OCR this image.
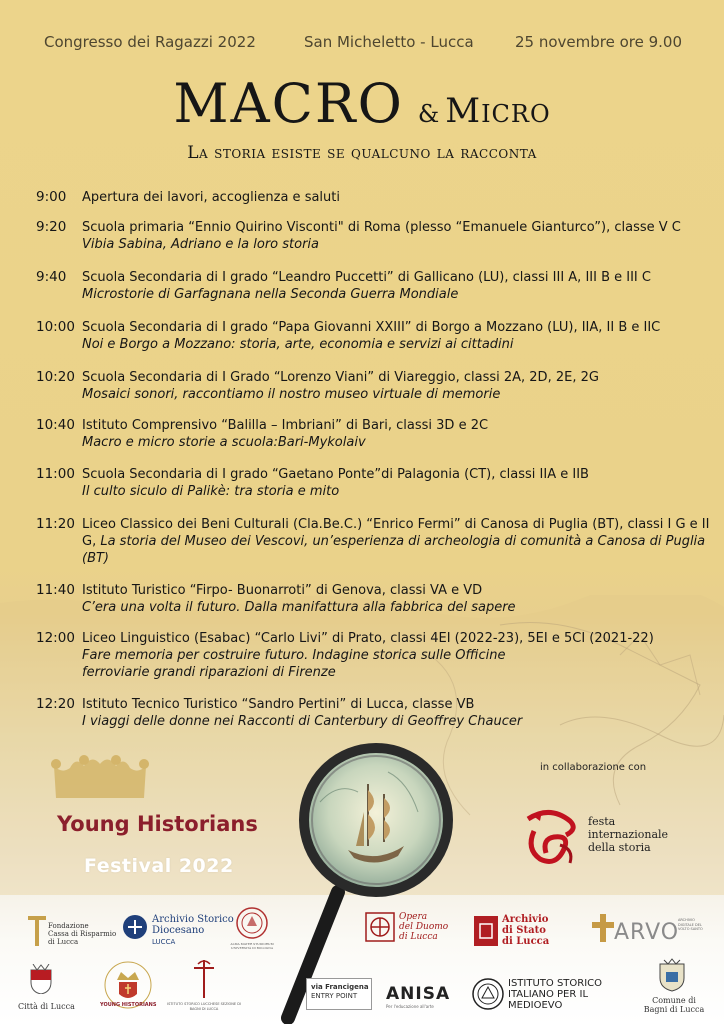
Congresso dei Ragazzi 2022	San Micheletto - Lucca	25 novembre ore 9.00
MACRO & Micro
La storia esiste se qualcuno la racconta
9:00 Apertura dei lavori, accoglienza e saluti
9:20 Scuola primaria “Ennio Quirino Visconti" di Roma (plesso “Emanuele Gianturco”), classe V C
Vibia Sabina, Adriano e la loro storia
9:40 Scuola Secondaria di I grado “Leandro Puccetti” di Gallicano (LU), classi III A, III B e III C
Microstorie di Garfagnana nella Seconda Guerra Mondiale
10:00 Scuola Secondaria di I grado “Papa Giovanni XXIII” di Borgo a Mozzano (LU), IIA, II B e IIC
Noi e Borgo a Mozzano: storia, arte, economia e servizi ai cittadini
10:20 Scuola Secondaria di I Grado “Lorenzo Viani” di Viareggio, classi 2A, 2D, 2E, 2G
Mosaici sonori, raccontiamo il nostro museo virtuale di memorie
10:40 Istituto Comprensivo “Balilla – Imbriani” di Bari, classi 3D e 2C
Macro e micro storie a scuola:Bari-Mykolaiv
11:00 Scuola Secondaria di I grado “Gaetano Ponte”di Palagonia (CT), classi IIA e IIB
Il culto siculo di Palikè: tra storia e mito
11:20 Liceo Classico dei Beni Culturali (Cla.Be.C.) “Enrico Fermi” di Canosa di Puglia (BT), classi I G e II G, La storia del Museo dei Vescovi, un’esperienza di archeologia di comunità a Canosa di Puglia (BT)
11:40 Istituto Turistico “Firpo- Buonarroti” di Genova, classi VA e VD
C’era una volta il futuro. Dalla manifattura alla fabbrica del sapere
12:00 Liceo Linguistico (Esabac) “Carlo Livi” di Prato, classi 4EI (2022-23), 5EI e 5CI (2021-22)
Fare memoria per costruire futuro. Indagine storica sulle Officine ferroviarie grandi riparazioni di Firenze
12:20 Istituto Tecnico Turistico “Sandro Pertini” di Lucca, classe VB
I viaggi delle donne nei Racconti di Canterbury di Geoffrey Chaucer
Young Historians
Festival 2022
in collaborazione con
festa
internazionale
della storia
Fondazione
Cassa di Risparmio
di Lucca
Archivio Storico
Diocesano
LUCCA	ALMA MATER STUDIORUM UNIVERSITÀ DI BOLOGNA
Opera
del Duomo
di Lucca
Archivio
di Stato
di Lucca	ARVO
ARCHIVIO DIGITALE DEL VOLTO SANTO
Città di Lucca	YOUNG HISTORIANS	ISTITUTO STORICO LUCCHESE SEZIONE DI BAGNI DI LUCCA
via Francigena
ENTRY POINT	ANISA
Per l'educazione all'arte
ISTITUTO STORICO
ITALIANO PER IL
MEDIOEVO	Comune di
Bagni di Lucca
